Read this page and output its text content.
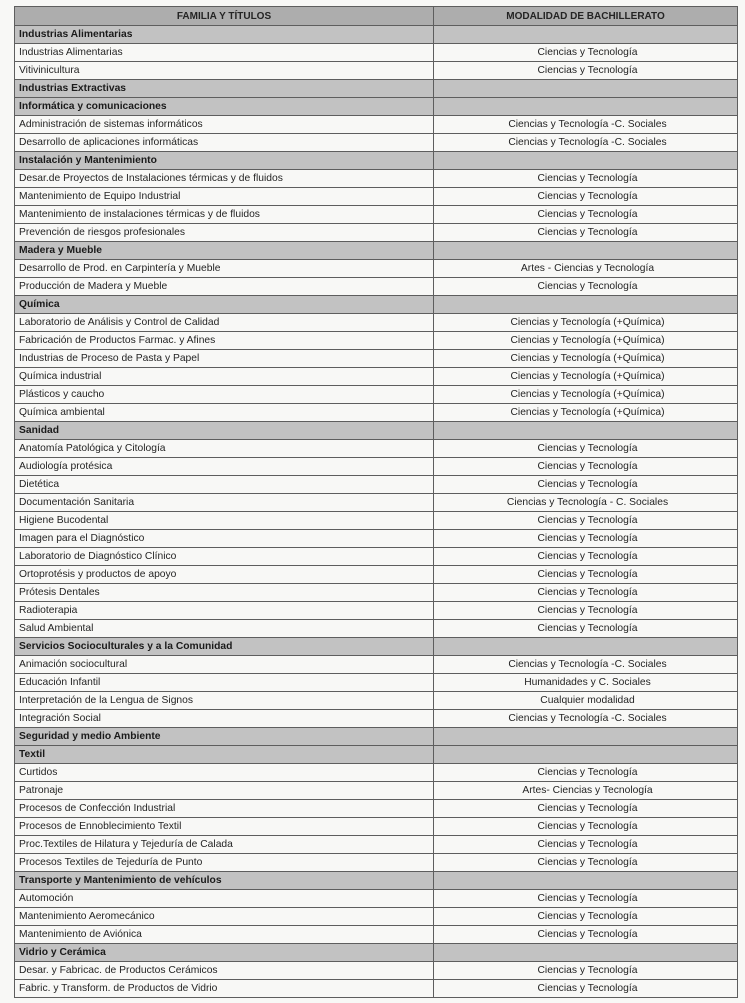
FAMILIA Y TÍTULOS	MODALIDAD DE BACHILLERATO
Industrias Alimentarias	
Industrias Alimentarias	Ciencias y Tecnología
Vitivinicultura	Ciencias y Tecnología
Industrias Extractivas	
Informática y comunicaciones	
Administración de sistemas informáticos	Ciencias y Tecnología -C. Sociales
Desarrollo de aplicaciones informáticas	Ciencias y Tecnología -C. Sociales
Instalación y Mantenimiento	
Desar.de Proyectos de Instalaciones térmicas y de fluidos	Ciencias y Tecnología
Mantenimiento de Equipo Industrial	Ciencias y Tecnología
Mantenimiento de instalaciones térmicas y de fluidos	Ciencias y Tecnología
Prevención de riesgos profesionales	Ciencias y Tecnología
Madera y Mueble	
Desarrollo de Prod. en Carpintería y Mueble	Artes - Ciencias y Tecnología
Producción de Madera y Mueble	Ciencias y Tecnología
Química	
Laboratorio de Análisis y Control de Calidad	Ciencias y Tecnología (+Química)
Fabricación de Productos Farmac. y Afines	Ciencias y Tecnología (+Química)
Industrias de Proceso de Pasta y Papel	Ciencias y Tecnología (+Química)
Química industrial	Ciencias y Tecnología (+Química)
Plásticos y caucho	Ciencias y Tecnología (+Química)
Química ambiental	Ciencias y Tecnología (+Química)
Sanidad	
Anatomía Patológica y Citología	Ciencias y Tecnología
Audiología protésica	Ciencias y Tecnología
Dietética	Ciencias y Tecnología
Documentación Sanitaria	Ciencias y Tecnología - C. Sociales
Higiene Bucodental	Ciencias y Tecnología
Imagen para el Diagnóstico	Ciencias y Tecnología
Laboratorio de Diagnóstico Clínico	Ciencias y Tecnología
Ortoprotésis y productos de apoyo	Ciencias y Tecnología
Prótesis Dentales	Ciencias y Tecnología
Radioterapia	Ciencias y Tecnología
Salud Ambiental	Ciencias y Tecnología
Servicios Socioculturales y a la Comunidad	
Animación sociocultural	Ciencias y Tecnología -C. Sociales
Educación Infantil	Humanidades y C. Sociales
Interpretación de la Lengua de Signos	Cualquier modalidad
Integración Social	Ciencias y Tecnología -C. Sociales
Seguridad y medio Ambiente	
Textil	
Curtidos	Ciencias y Tecnología
Patronaje	Artes- Ciencias y Tecnología
Procesos de Confección Industrial	Ciencias y Tecnología
Procesos de Ennoblecimiento Textil	Ciencias y Tecnología
Proc.Textiles de Hilatura y Tejeduría de Calada	Ciencias y Tecnología
Procesos Textiles de Tejeduría de Punto	Ciencias y Tecnología
Transporte y Mantenimiento de vehículos	
Automoción	Ciencias y Tecnología
Mantenimiento Aeromecánico	Ciencias y Tecnología
Mantenimiento de Aviónica	Ciencias y Tecnología
Vidrio y Cerámica	
Desar. y Fabricac. de Productos Cerámicos	Ciencias y Tecnología
Fabric. y Transform. de Productos de Vidrio	Ciencias y Tecnología
